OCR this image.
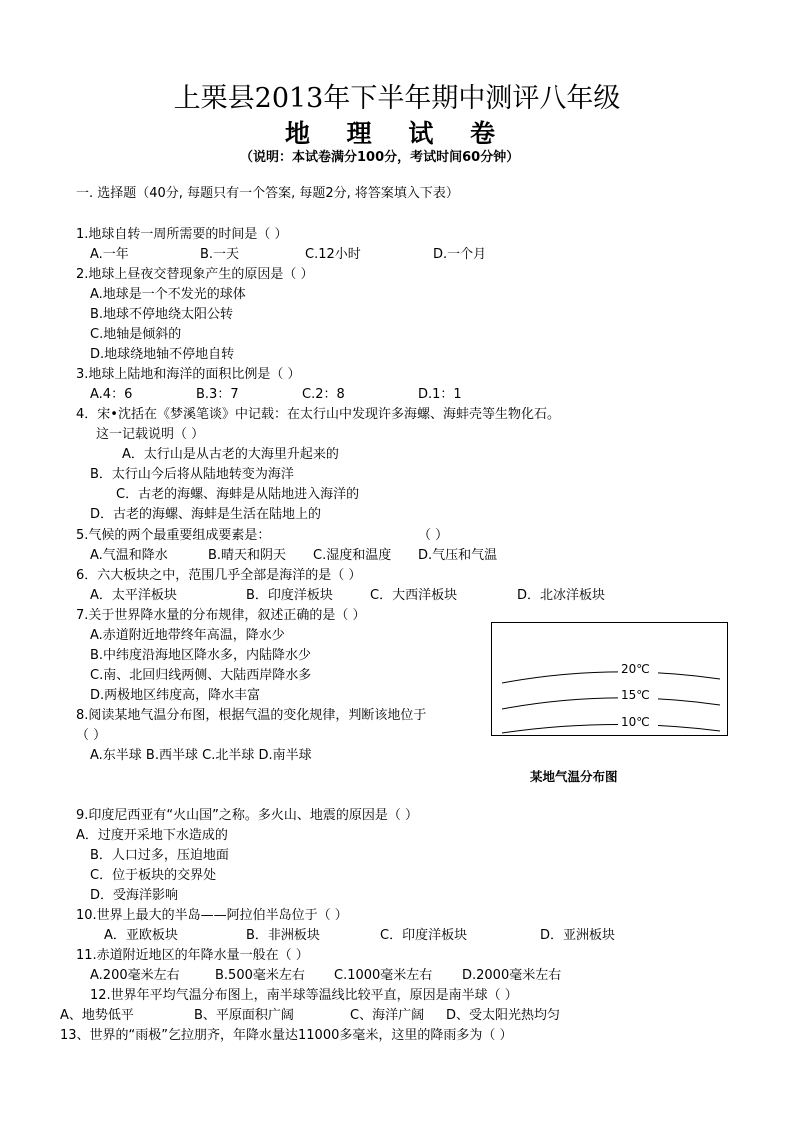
上栗县2013年下半年期中测评八年级
地 理 试 卷
（说明：本试卷满分100分，考试时间60分钟）
一. 选择题（40分, 每题只有一个答案, 每题2分, 将答案填入下表）
1.地球自转一周所需要的时间是（ ）
A.一年	B.一天	C.12小时	D.一个月
2.地球上昼夜交替现象产生的原因是（ ）
A.地球是一个不发光的球体
B.地球不停地绕太阳公转
C.地轴是倾斜的
D.地球绕地轴不停地自转
3.地球上陆地和海洋的面积比例是（ ）
A.4：6	B.3：7	C.2：8	D.1：1
4．宋•沈括在《梦溪笔谈》中记载：在太行山中发现许多海螺、海蚌壳等生物化石。
这一记载说明（ ）
A．太行山是从古老的大海里升起来的
B．太行山今后将从陆地转变为海洋
C．古老的海螺、海蚌是从陆地进入海洋的
D．古老的海螺、海蚌是生活在陆地上的
5.气候的两个最重要组成要素是：	（ ）
A.气温和降水	B.晴天和阴天 C.湿度和温度 D.气压和气温
6．六大板块之中，范围几乎全部是海洋的是（ ）
A．太平洋板块	B．印度洋板块	C．大西洋板块	D．北冰洋板块
7.关于世界降水量的分布规律，叙述正确的是（ ）
A.赤道附近地带终年高温，降水少
B.中纬度沿海地区降水多，内陆降水少
C.南、北回归线两侧、大陆西岸降水多
D.两极地区纬度高，降水丰富
8.阅读某地气温分布图，根据气温的变化规律，判断该地位于
（ ）
A.东半球 B.西半球 C.北半球 D.南半球
20℃
15℃
10℃
某地气温分布图
9.印度尼西亚有“火山国”之称。多火山、地震的原因是（ ）
A．过度开采地下水造成的
B．人口过多，压迫地面
C．位于板块的交界处
D．受海洋影响
10.世界上最大的半岛——阿拉伯半岛位于（ ）
A．亚欧板块	B．非洲板块	C．印度洋板块	D．亚洲板块
11.赤道附近地区的年降水量一般在（ ）
A.200毫米左右	B.500毫米左右 C.1000毫米左右 D.2000毫米左右
12.世界年平均气温分布图上，南半球等温线比较平直，原因是南半球（ ）
A、地势低平	B、平原面积广阔	C、海洋广阔 D、受太阳光热均匀
13、世界的“雨极”乞拉朋齐，年降水量达11000多毫米，这里的降雨多为（ ）
